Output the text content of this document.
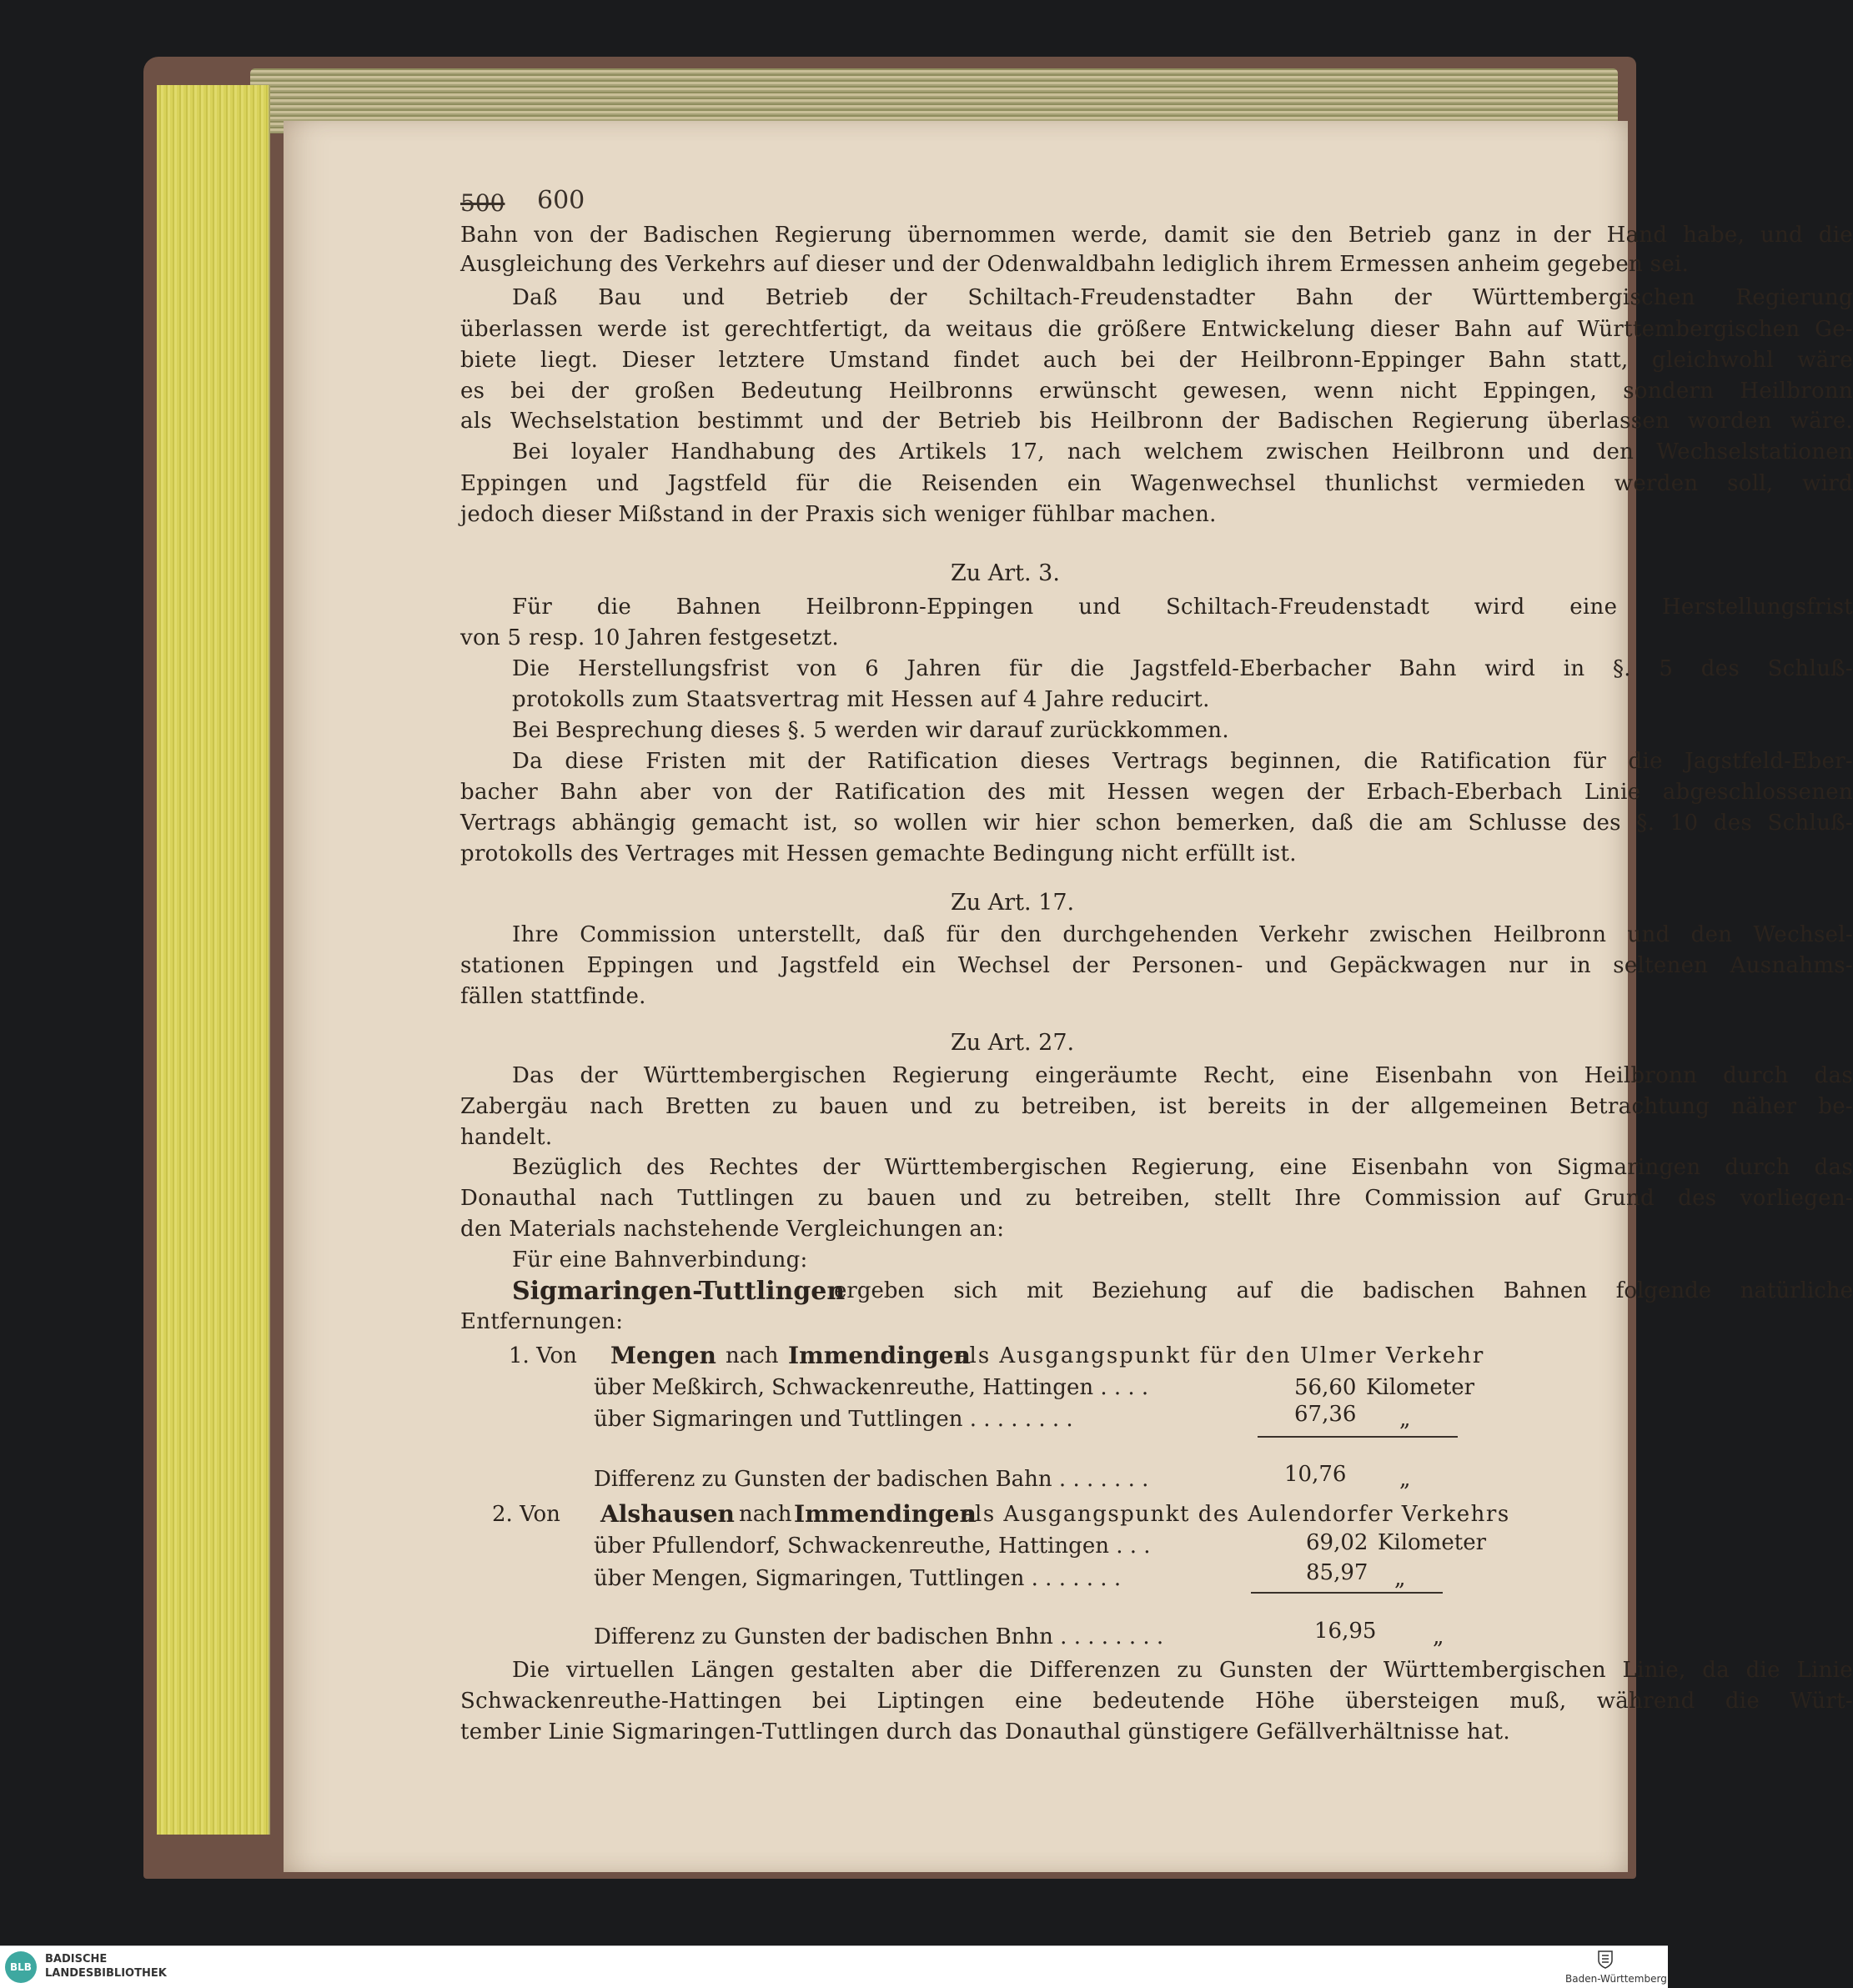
500 600
Bahn von der Badischen Regierung übernommen werde, damit sie den Betrieb ganz in der Hand habe, und die
Ausgleichung des Verkehrs auf dieser und der Odenwaldbahn lediglich ihrem Ermessen anheim gegeben sei.
Daß Bau und Betrieb der Schiltach-Freudenstadter Bahn der Württembergischen Regierung
überlassen werde ist gerechtfertigt, da weitaus die größere Entwickelung dieser Bahn auf Württembergischen Ge-
biete liegt. Dieser letztere Umstand findet auch bei der Heilbronn-Eppinger Bahn statt, gleichwohl wäre
es bei der großen Bedeutung Heilbronns erwünscht gewesen, wenn nicht Eppingen, sondern Heilbronn
als Wechselstation bestimmt und der Betrieb bis Heilbronn der Badischen Regierung überlassen worden wäre.
Bei loyaler Handhabung des Artikels 17, nach welchem zwischen Heilbronn und den Wechselstationen
Eppingen und Jagstfeld für die Reisenden ein Wagenwechsel thunlichst vermieden werden soll, wird
jedoch dieser Mißstand in der Praxis sich weniger fühlbar machen.
Zu Art. 3.
Für die Bahnen Heilbronn-Eppingen und Schiltach-Freudenstadt wird eine Herstellungsfrist
von 5 resp. 10 Jahren festgesetzt.
Die Herstellungsfrist von 6 Jahren für die Jagstfeld-Eberbacher Bahn wird in §. 5 des Schluß-
protokolls zum Staatsvertrag mit Hessen auf 4 Jahre reducirt.
Bei Besprechung dieses §. 5 werden wir darauf zurückkommen.
Da diese Fristen mit der Ratification dieses Vertrags beginnen, die Ratification für die Jagstfeld-Eber-
bacher Bahn aber von der Ratification des mit Hessen wegen der Erbach-Eberbach Linie abgeschlossenen
Vertrags abhängig gemacht ist, so wollen wir hier schon bemerken, daß die am Schlusse des §. 10 des Schluß-
protokolls des Vertrages mit Hessen gemachte Bedingung nicht erfüllt ist.
Zu Art. 17.
Ihre Commission unterstellt, daß für den durchgehenden Verkehr zwischen Heilbronn und den Wechsel-
stationen Eppingen und Jagstfeld ein Wechsel der Personen- und Gepäckwagen nur in seltenen Ausnahms-
fällen stattfinde.
Zu Art. 27.
Das der Württembergischen Regierung eingeräumte Recht, eine Eisenbahn von Heilbronn durch das
Zabergäu nach Bretten zu bauen und zu betreiben, ist bereits in der allgemeinen Betrachtung näher be-
handelt.
Bezüglich des Rechtes der Württembergischen Regierung, eine Eisenbahn von Sigmaringen durch das
Donauthal nach Tuttlingen zu bauen und zu betreiben, stellt Ihre Commission auf Grund des vorliegen-
den Materials nachstehende Vergleichungen an:
Für eine Bahnverbindung:
Sigmaringen-Tuttlingen
ergeben sich mit Beziehung auf die badischen Bahnen folgende natürliche
Entfernungen:
1. Von Mengen nach Immendingen
als Ausgangspunkt für den Ulmer Verkehr
über Meßkirch, Schwackenreuthe, Hattingen . . . .	56,60 Kilometer
über Sigmaringen und Tuttlingen . . . . . . . .	67,36 „
Differenz zu Gunsten der badischen Bahn . . . . . . .	10,76 „
2. Von Alshausen nach Immendingen
als Ausgangspunkt des Aulendorfer Verkehrs
über Pfullendorf, Schwackenreuthe, Hattingen . . .	69,02 Kilometer
über Mengen, Sigmaringen, Tuttlingen . . . . . . .	85,97 „
Differenz zu Gunsten der badischen Bnhn . . . . . . . .	16,95	„
Die virtuellen Längen gestalten aber die Differenzen zu Gunsten der Württembergischen Linie, da die Linie
Schwackenreuthe-Hattingen bei Liptingen eine bedeutende Höhe übersteigen muß, während die Würt-
tember Linie Sigmaringen-Tuttlingen durch das Donauthal günstigere Gefällverhältnisse hat.
BLB
BADISCHE
LANDESBIBLIOTHEK	Baden-Württemberg
